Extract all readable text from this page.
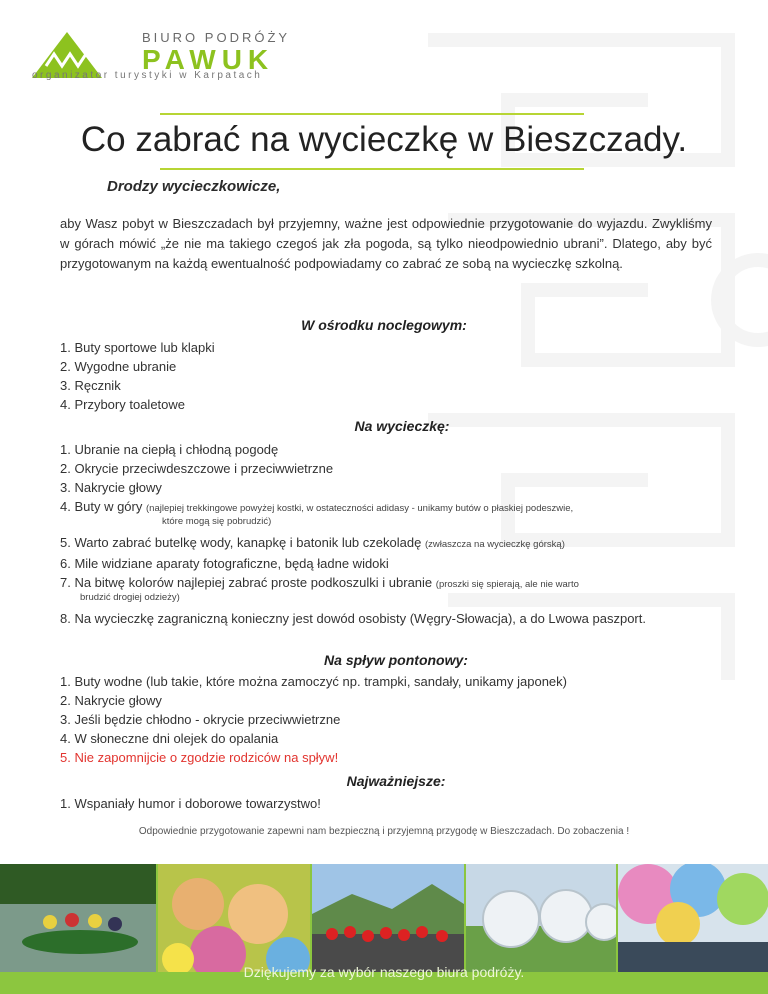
BIURO PODRÓŻY
PAWUK
organizator turystyki w Karpatach
Co zabrać na wycieczkę w Bieszczady.
Drodzy wycieczkowicze,
aby Wasz pobyt w Bieszczadach był przyjemny, ważne jest odpowiednie przygotowanie do wyjazdu. Zwykliśmy w górach mówić „że nie ma takiego czegoś jak zła pogoda, są tylko nieodpowiednio ubrani”. Dlatego, aby być przygotowanym na każdą ewentualność podpowiadamy co zabrać ze sobą na wycieczkę szkolną.
W ośrodku noclegowym:
1. Buty sportowe lub klapki
2. Wygodne ubranie
3. Ręcznik
4. Przybory toaletowe
Na wycieczkę:
1. Ubranie na ciepłą i chłodną pogodę
2. Okrycie przeciwdeszczowe i przeciwwietrzne
3. Nakrycie głowy
4. Buty w góry (najlepiej trekkingowe powyżej kostki, w ostateczności adidasy - unikamy butów o płaskiej podeszwie,
które mogą się pobrudzić)
5. Warto zabrać butelkę wody, kanapkę i batonik lub czekoladę (zwłaszcza na wycieczkę górską)
6. Mile widziane aparaty fotograficzne, będą ładne widoki
7. Na bitwę kolorów najlepiej zabrać proste podkoszulki i ubranie (proszki się spierają, ale nie warto
brudzić drogiej odzieży)
8. Na wycieczkę zagraniczną konieczny jest dowód osobisty (Węgry-Słowacja), a do Lwowa paszport.
Na spływ pontonowy:
1. Buty wodne (lub takie, które można zamoczyć np. trampki, sandały, unikamy japonek)
2. Nakrycie głowy
3. Jeśli będzie chłodno - okrycie przeciwwietrzne
4. W słoneczne dni olejek do opalania
5. Nie zapomnijcie o zgodzie rodziców na spływ!
Najważniejsze:
1. Wspaniały humor i doborowe towarzystwo!
Odpowiednie przygotowanie zapewni nam bezpieczną i przyjemną przygodę w Bieszczadach. Do zobaczenia !
Dziękujemy za wybór naszego biura podróży.
